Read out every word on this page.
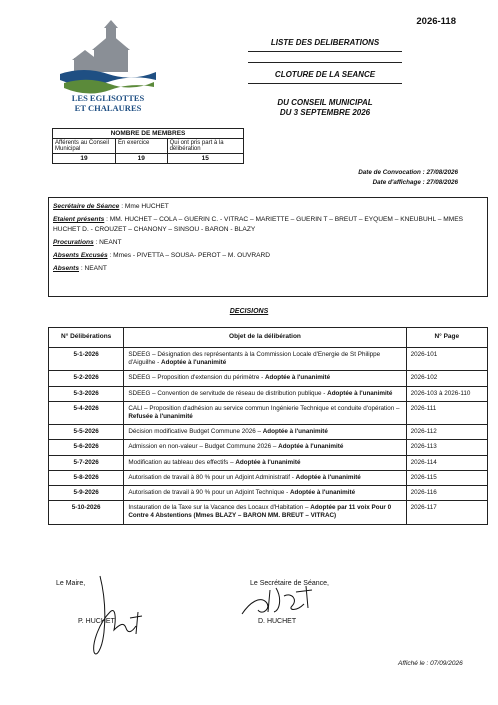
2026-118
LES EGLISOTTES
ET CHALAURES
LISTE DES DELIBERATIONS
CLOTURE DE LA SEANCE
DU CONSEIL MUNICIPAL
DU 3 SEPTEMBRE 2026
NOMBRE DE MEMBRES		
Afférents au Conseil Municipal	En exercice	Qui ont pris part à la délibération
19	19	15
Date de Convocation : 27/08/2026
Date d'affichage : 27/08/2026
Secrétaire de Séance : Mme HUCHET
Etaient présents : MM. HUCHET – COLA – GUERIN C. - VITRAC – MARIETTE – GUERIN T – BREUT – EYQUEM – KNEUBUHL – MMES HUCHET D. - CROUZET – CHANONY – SINSOU - BARON - BLAZY
Procurations : NEANT
Absents Excusés : Mmes - PIVETTA – SOUSA- PEROT – M. OUVRARD
Absents : NEANT
DECISIONS
N° Délibérations	Objet de la délibération	N° Page
5-1-2026	SDEEG – Désignation des représentants à la Commission Locale d'Energie de St Philippe d'Aiguilhe - Adoptée à l'unanimité	2026-101
5-2-2026	SDEEG – Proposition d'extension du périmètre - Adoptée à l'unanimité	2026-102
5-3-2026	SDEEG – Convention de servitude de réseau de distribution publique - Adoptée à l'unanimité	2026-103 à 2026-110
5-4-2026	CALI – Proposition d'adhésion au service commun Ingénierie Technique et conduite d'opération – Refusée à l'unanimité	2026-111
5-5-2026	Décision modificative Budget Commune 2026 – Adoptée à l'unanimité	2026-112
5-6-2026	Admission en non-valeur – Budget Commune 2026 – Adoptée à l'unanimité	2026-113
5-7-2026	Modification au tableau des effectifs – Adoptée à l'unanimité	2026-114
5-8-2026	Autorisation de travail à 80 % pour un Adjoint Administratif - Adoptée à l'unanimité	2026-115
5-9-2026	Autorisation de travail à 90 % pour un Adjoint Technique - Adoptée à l'unanimité	2026-116
5-10-2026	Instauration de la Taxe sur la Vacance des Locaux d'Habitation – Adoptée par 11 voix Pour 0 Contre 4 Abstentions (Mmes BLAZY – BARON MM. BREUT – VITRAC)	2026-117
Le Maire,
P. HUCHET
Le Secrétaire de Séance,
D. HUCHET
Affiché le : 07/09/2026
